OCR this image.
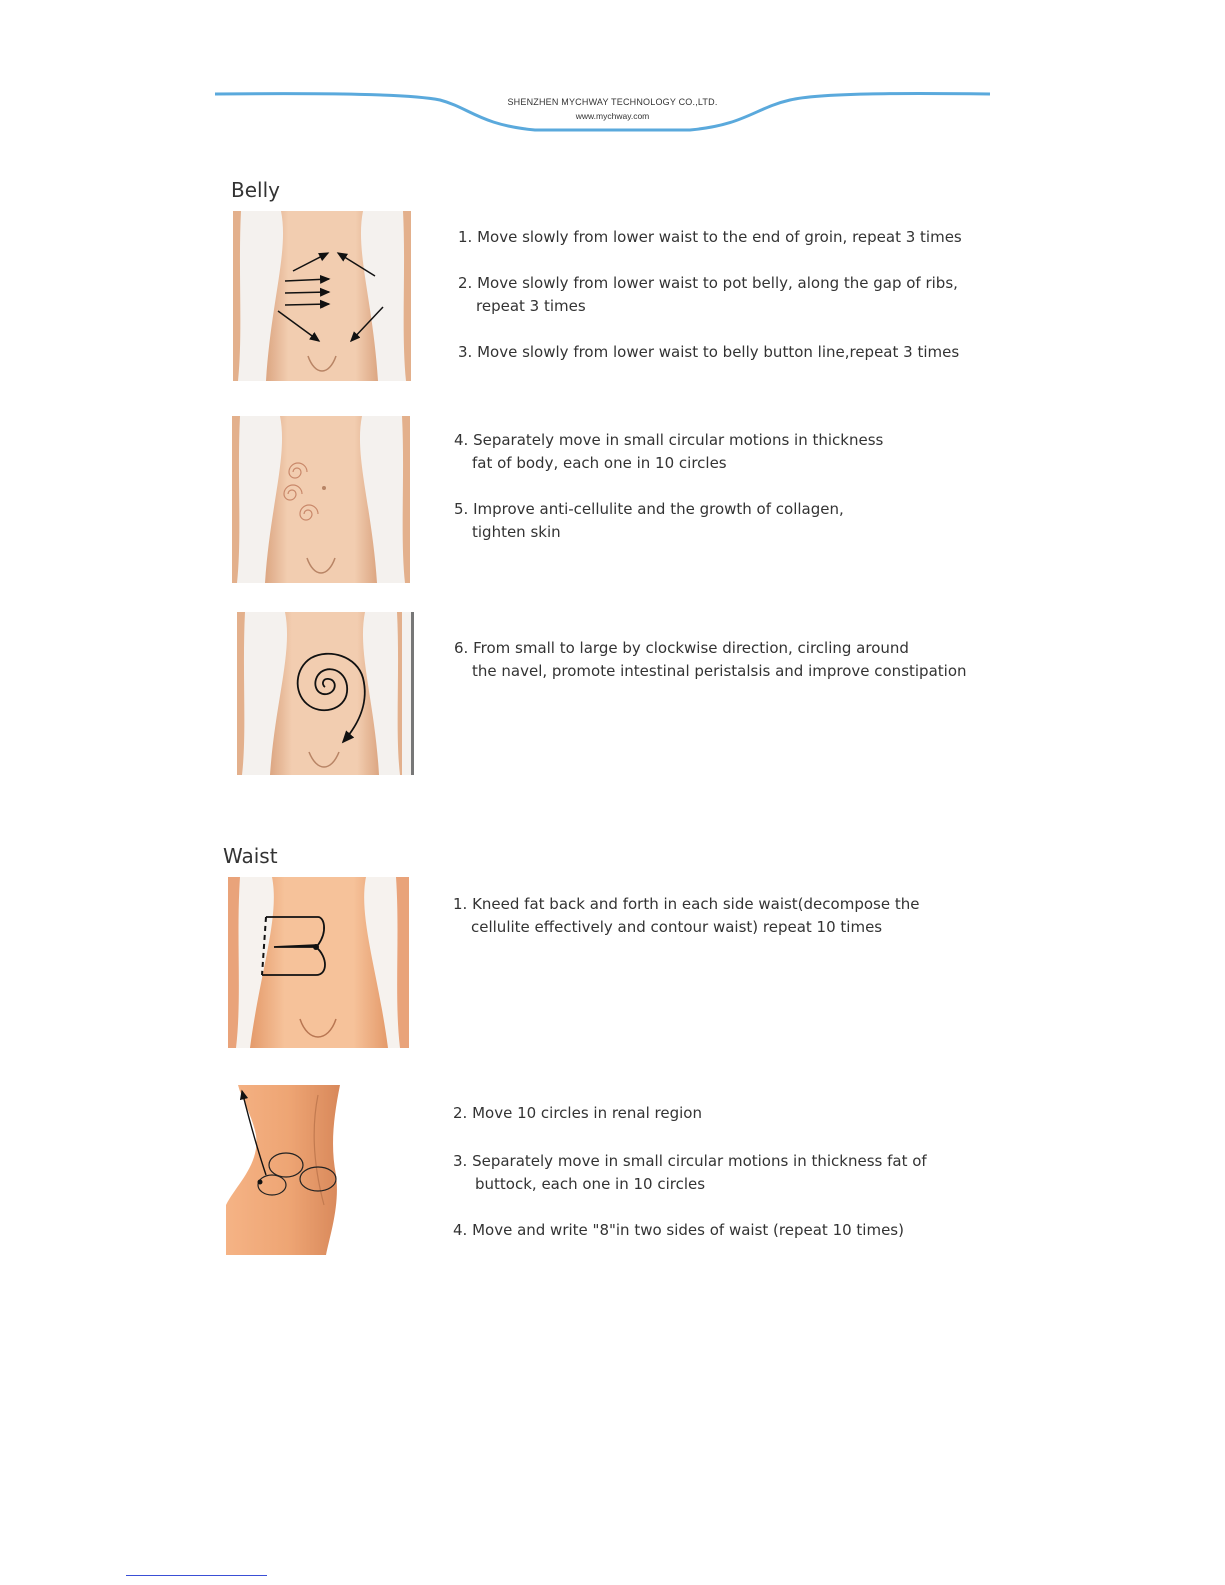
SHENZHEN MYCHWAY TECHNOLOGY CO.,LTD.
www.mychway.com
Belly
1. Move slowly from lower waist to the end of groin, repeat 3 times
2. Move slowly from lower waist to pot belly, along the gap of ribs,
repeat 3 times
3. Move slowly from lower waist to belly button line,repeat 3 times
4. Separately move in small circular motions in thickness
fat of body, each one in 10 circles
5. Improve anti-cellulite and the growth of collagen,
tighten skin
6. From small to large by clockwise direction, circling around
the navel, promote intestinal peristalsis and improve constipation
Waist
1. Kneed fat back and forth in each side waist(decompose the
cellulite effectively and contour waist) repeat 10 times
2. Move 10 circles in renal region
3. Separately move in small circular motions in thickness fat of
buttock, each one in 10 circles
4. Move and write "8"in two sides of waist (repeat 10 times)
